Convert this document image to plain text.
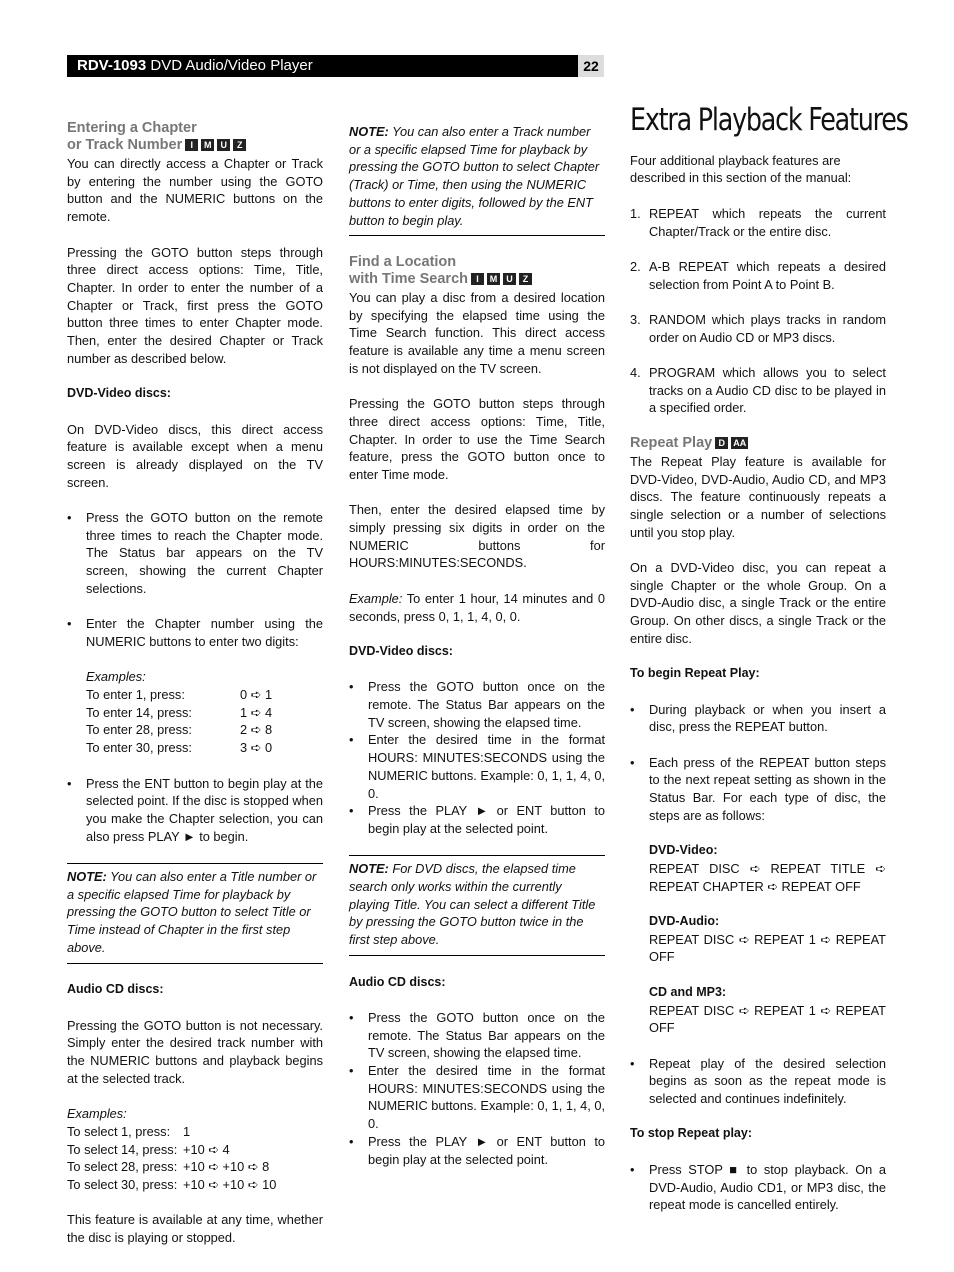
RDV-1093 DVD Audio/Video Player	22
Entering a Chapter
or Track Number I M U Z

You can directly access a Chapter or Track by entering the number using the GOTO button and the NUMERIC buttons on the remote.

Pressing the GOTO button steps through three direct access options: Time, Title, Chapter. In order to enter the number of a Chapter or Track, first press the GOTO button three times to enter Chapter mode. Then, enter the desired Chapter or Track number as described below.

DVD-Video discs:

On DVD-Video discs, this direct access feature is available except when a menu screen is already displayed on the TV screen.

• Press the GOTO button on the remote three times to reach the Chapter mode. The Status bar appears on the TV screen, showing the current Chapter selections.
• Enter the Chapter number using the NUMERIC buttons to enter two digits:
Examples:
To enter 1, press:	0 ➪ 1
To enter 14, press:	1 ➪ 4
To enter 28, press:	2 ➪ 8
To enter 30, press:	3 ➪ 0
• Press the ENT button to begin play at the selected point. If the disc is stopped when you make the Chapter selection, you can also press PLAY ► to begin.
NOTE: You can also enter a Title number or a specific elapsed Time for playback by pressing the GOTO button to select Title or Time instead of Chapter in the first step above.

Audio CD discs:

Pressing the GOTO button is not necessary. Simply enter the desired track number with the NUMERIC buttons and playback begins at the selected track.

Examples:
To select 1, press:	1
To select 14, press:	+10 ➪ 4
To select 28, press:	+10 ➪ +10 ➪ 8
To select 30, press:	+10 ➪ +10 ➪ 10

This feature is available at any time, whether the disc is playing or stopped.

NOTE: You can also enter a Track number or a specific elapsed Time for playback by pressing the GOTO button to select Chapter (Track) or Time, then using the NUMERIC buttons to enter digits, followed by the ENT button to begin play.
Find a Location
with Time Search I M U Z

You can play a disc from a desired location by specifying the elapsed time using the Time Search function. This direct access feature is available any time a menu screen is not displayed on the TV screen.

Pressing the GOTO button steps through three direct access options: Time, Title, Chapter. In order to use the Time Search feature, press the GOTO button once to enter Time mode.

Then, enter the desired elapsed time by simply pressing six digits in order on the NUMERIC buttons for HOURS:MINUTES:SECONDS.

Example: To enter 1 hour, 14 minutes and 0 seconds, press 0, 1, 1, 4, 0, 0.

DVD-Video discs:

• Press the GOTO button once on the remote. The Status Bar appears on the TV screen, showing the elapsed time.
• Enter the desired time in the format HOURS: MINUTES:SECONDS using the NUMERIC buttons. Example: 0, 1, 1, 4, 0, 0.
• Press the PLAY ► or ENT button to begin play at the selected point.
NOTE: For DVD discs, the elapsed time search only works within the currently playing Title. You can select a different Title by pressing the GOTO button twice in the first step above.

Audio CD discs:

• Press the GOTO button once on the remote. The Status Bar appears on the TV screen, showing the elapsed time.
• Enter the desired time in the format HOURS: MINUTES:SECONDS using the NUMERIC buttons. Example: 0, 1, 1, 4, 0, 0.
• Press the PLAY ► or ENT button to begin play at the selected point.
Extra Playback Features

Four additional playback features are described in this section of the manual:

1. REPEAT which repeats the current Chapter/Track or the entire disc.
2. A-B REPEAT which repeats a desired selection from Point A to Point B.
3. RANDOM which plays tracks in random order on Audio CD or MP3 discs.
4. PROGRAM which allows you to select tracks on a Audio CD disc to be played in a specified order.
Repeat Play D AA

The Repeat Play feature is available for DVD-Video, DVD-Audio, Audio CD, and MP3 discs. The feature continuously repeats a single selection or a number of selections until you stop play.

On a DVD-Video disc, you can repeat a single Chapter or the whole Group. On a DVD-Audio disc, a single Track or the entire Group. On other discs, a single Track or the entire disc.

To begin Repeat Play:

• During playback or when you insert a disc, press the REPEAT button.
• Each press of the REPEAT button steps to the next repeat setting as shown in the Status Bar. For each type of disc, the steps are as follows:
DVD-Video:
REPEAT DISC ➪ REPEAT TITLE ➪ REPEAT CHAPTER ➪ REPEAT OFF
DVD-Audio:
REPEAT DISC ➪ REPEAT 1 ➪ REPEAT OFF
CD and MP3:
REPEAT DISC ➪ REPEAT 1 ➪ REPEAT OFF
• Repeat play of the desired selection begins as soon as the repeat mode is selected and continues indefinitely.

To stop Repeat play:

• Press STOP ■ to stop playback. On a DVD-Audio, Audio CD1, or MP3 disc, the repeat mode is cancelled entirely.
